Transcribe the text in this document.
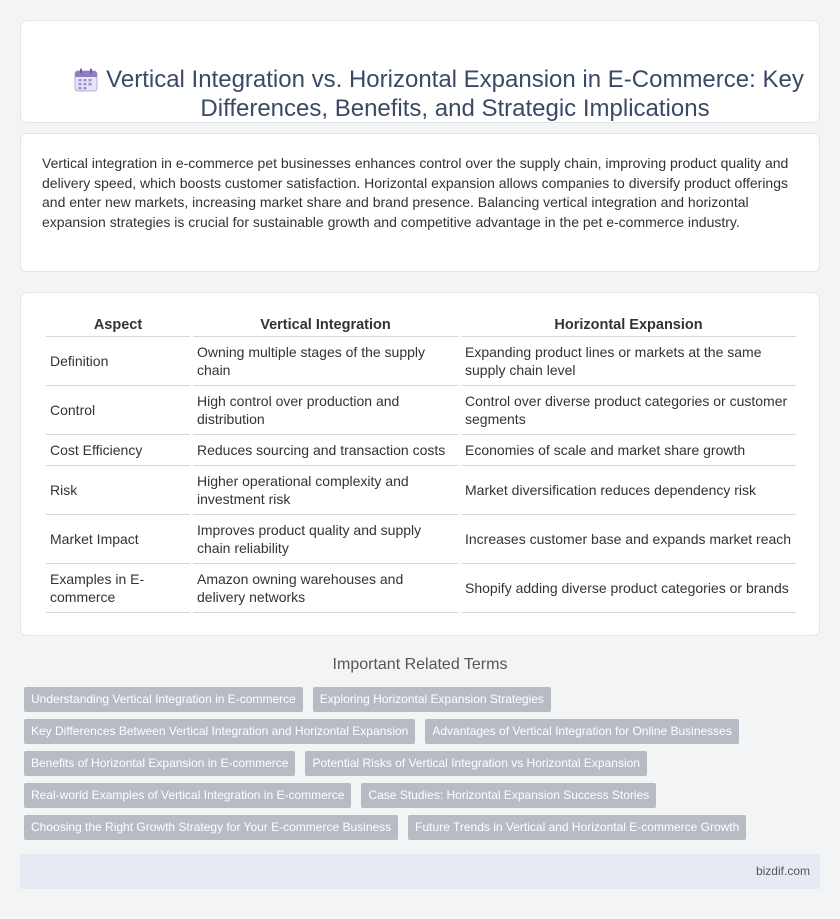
Vertical Integration vs. Horizontal Expansion in E-Commerce: Key Differences, Benefits, and Strategic Implications

Vertical integration in e-commerce pet businesses enhances control over the supply chain, improving product quality and delivery speed, which boosts customer satisfaction. Horizontal expansion allows companies to diversify product offerings and enter new markets, increasing market share and brand presence. Balancing vertical integration and horizontal expansion strategies is crucial for sustainable growth and competitive advantage in the pet e-commerce industry.

Aspect	Vertical Integration	Horizontal Expansion
Definition	Owning multiple stages of the supply chain	Expanding product lines or markets at the same supply chain level
Control	High control over production and distribution	Control over diverse product categories or customer segments
Cost Efficiency	Reduces sourcing and transaction costs	Economies of scale and market share growth
Risk	Higher operational complexity and investment risk	Market diversification reduces dependency risk
Market Impact	Improves product quality and supply chain reliability	Increases customer base and expands market reach
Examples in E-commerce	Amazon owning warehouses and delivery networks	Shopify adding diverse product categories or brands
Important Related Terms
Understanding Vertical Integration in E-commerce	Exploring Horizontal Expansion Strategies
Key Differences Between Vertical Integration and Horizontal Expansion	Advantages of Vertical Integration for Online Businesses
Benefits of Horizontal Expansion in E-commerce	Potential Risks of Vertical Integration vs Horizontal Expansion
Real-world Examples of Vertical Integration in E-commerce	Case Studies: Horizontal Expansion Success Stories
Choosing the Right Growth Strategy for Your E-commerce Business	Future Trends in Vertical and Horizontal E-commerce Growth
bizdif.com
